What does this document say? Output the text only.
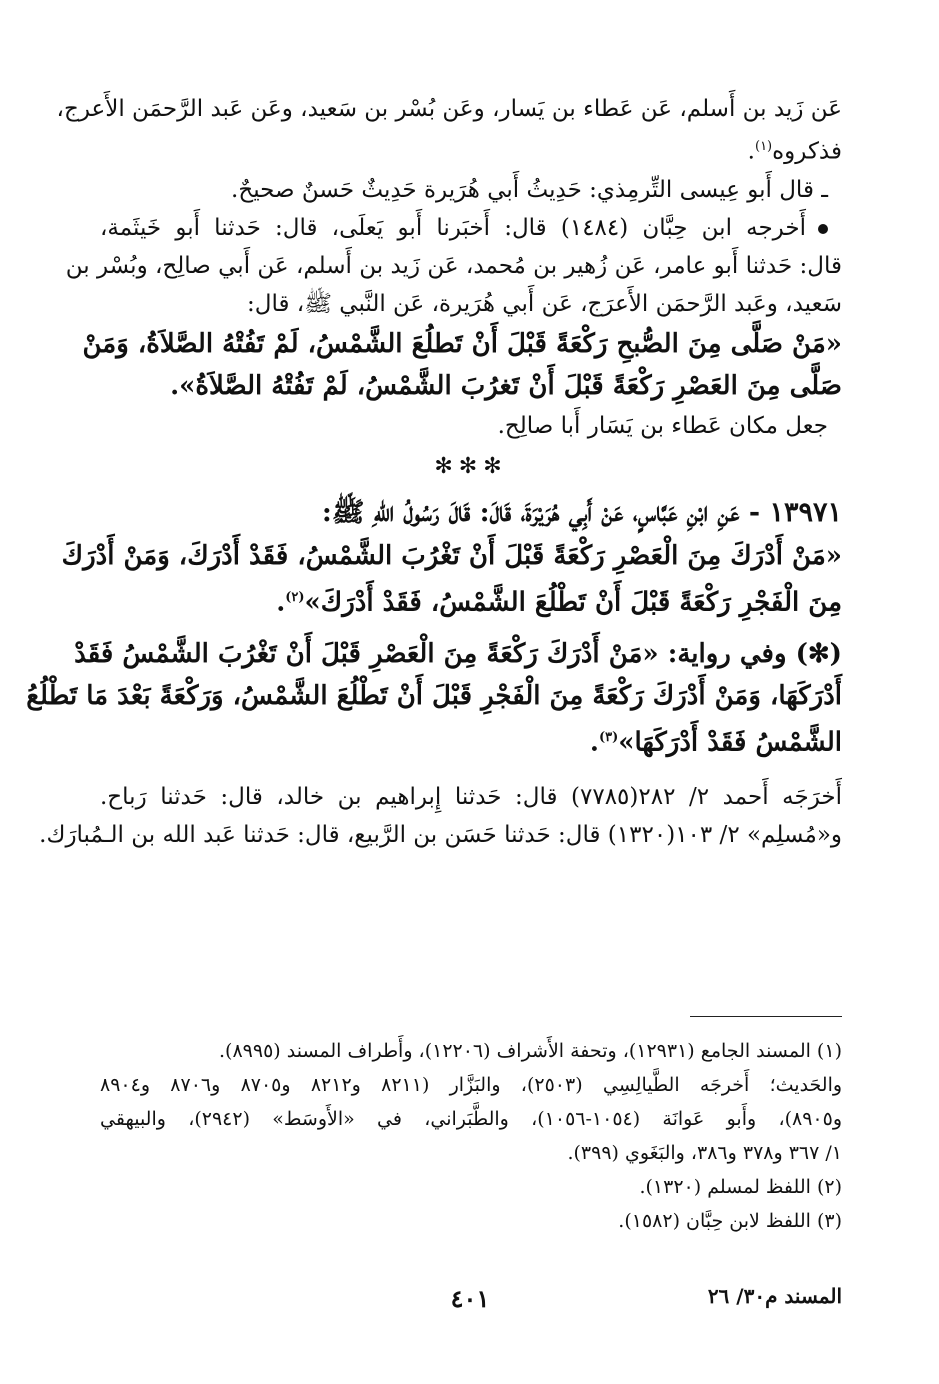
عَن زَيد بن أَسلم، عَن عَطاء بن يَسار، وعَن بُسْر بن سَعيد، وعَن عَبد الرَّحمَن الأَعرج،
فذكروه$^{(١)}$.
ـ قال أَبو عِيسى التِّرمِذي: حَدِيثُ أَبي هُرَيرة حَدِيثٌ حَسنٌ صحيحٌ.
أَخرجه ابن حِبَّان (١٤٨٤) قال: أَخبَرنا أَبو يَعلَى، قال: حَدثنا أَبو خَيثَمة،
قال: حَدثنا أَبو عامر، عَن زُهير بن مُحمد، عَن زَيد بن أَسلم، عَن أَبي صالِح، وبُسْر بن
سَعيد، وعَبد الرَّحمَن الأَعرَج، عَن أَبي هُرَيرة، عَن النَّبي ﷺ، قال:
«مَنْ صَلَّى مِنَ الصُّبحِ رَكْعَةً قَبْلَ أَنْ تَطلُعَ الشَّمْسُ، لَمْ تَفُتْهُ الصَّلاَةُ، وَمَنْ
صَلَّى مِنَ العَصْرِ رَكْعَةً قَبْلَ أَنْ تَغرُبَ الشَّمْسُ، لَمْ تَفُتْهُ الصَّلاَةُ».
جعل مكان عَطاء بن يَسَار أَبا صالِح.
✻✻✻
١٣٩٧١ - عَنِ ابْنِ عَبَّاسٍ، عَنْ أَبِي هُرَيْرَةَ، قَالَ: قَالَ رَسُولُ اللهِ ﷺ:
«مَنْ أَدْرَكَ مِنَ الْعَصْرِ رَكْعَةً قَبْلَ أَنْ تَغْرُبَ الشَّمْسُ، فَقَدْ أَدْرَكَ، وَمَنْ أَدْرَكَ
مِنَ الْفَجْرِ رَكْعَةً قَبْلَ أَنْ تَطْلُعَ الشَّمْسُ، فَقَدْ أَدْرَكَ»$^{(٢)}$.
(✻) وفي رواية: «مَنْ أَدْرَكَ رَكْعَةً مِنَ الْعَصْرِ قَبْلَ أَنْ تَغْرُبَ الشَّمْسُ فَقَدْ
أَدْرَكَهَا، وَمَنْ أَدْرَكَ رَكْعَةً مِنَ الْفَجْرِ قَبْلَ أَنْ تَطْلُعَ الشَّمْسُ، وَرَكْعَةً بَعْدَ مَا تَطْلُعُ
الشَّمْسُ فَقَدْ أَدْرَكَهَا»$^{(٣)}$.
أَخرَجَه أَحمد ٢/ ٢٨٢(٧٧٨٥) قال: حَدثنا إِبراهيم بن خالد، قال: حَدثنا رَباح.
و«مُسلِم» ٢/ ١٠٣(١٣٢٠) قال: حَدثنا حَسَن بن الرَّبيع، قال: حَدثنا عَبد الله بن الـمُبارَك.
(١) المسند الجامع (١٢٩٣١)، وتحفة الأَشراف (١٢٢٠٦)، وأَطراف المسند (٨٩٩٥).
والحَديث؛ أَخرجَه الطَّيالِسِي (٢٥٠٣)، والبَزَّار (٨٢١١ و٨٢١٢ و٨٧٠٥ و٨٧٠٦ و٨٩٠٤
و٨٩٠٥)، وأَبو عَوانَة (١٠٥٤-١٠٥٦)، والطَّبَراني، في «الأَوسَط» (٢٩٤٢)، والبيهقي
١/ ٣٦٧ و٣٧٨ و٣٨٦، والبَغَوي (٣٩٩).
(٢) اللفظ لمسلم (١٣٢٠).
(٣) اللفظ لابن حِبَّان (١٥٨٢).
المسند م٣٠/ ٢٦
٤٠١
